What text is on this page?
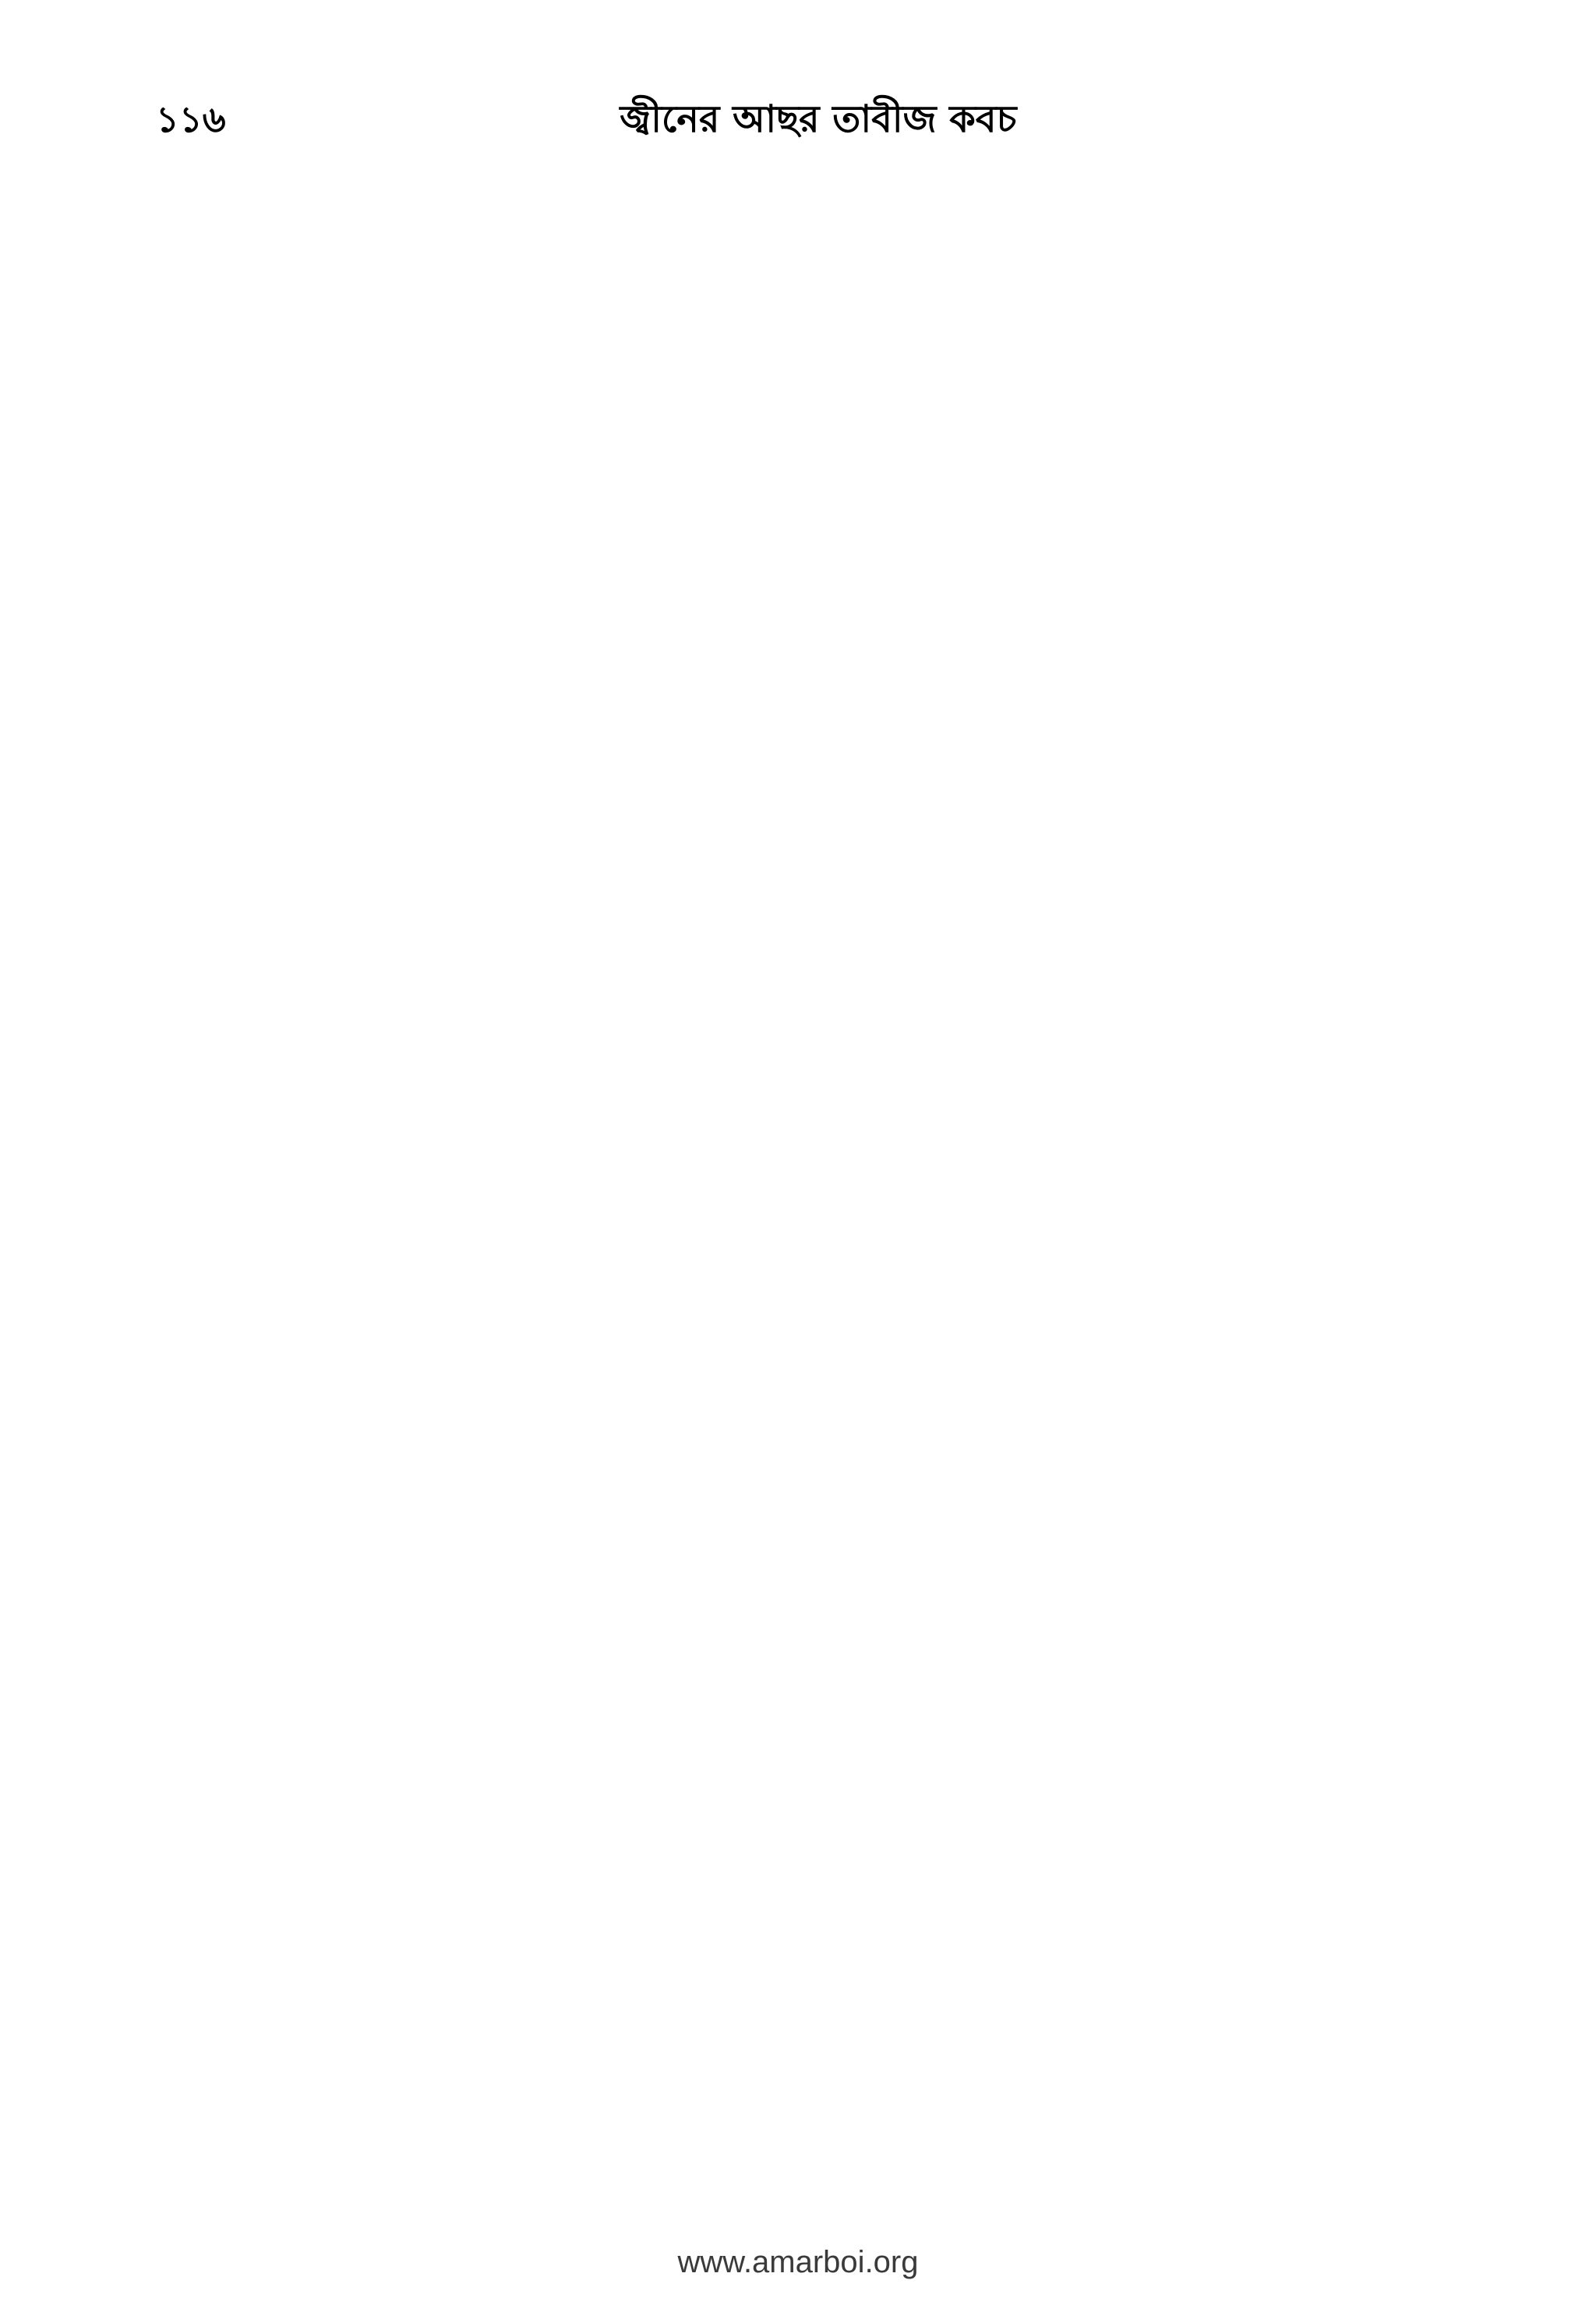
১১৬	জ্বীনের আছর তাবীজ কবচ
www.amarboi.org
